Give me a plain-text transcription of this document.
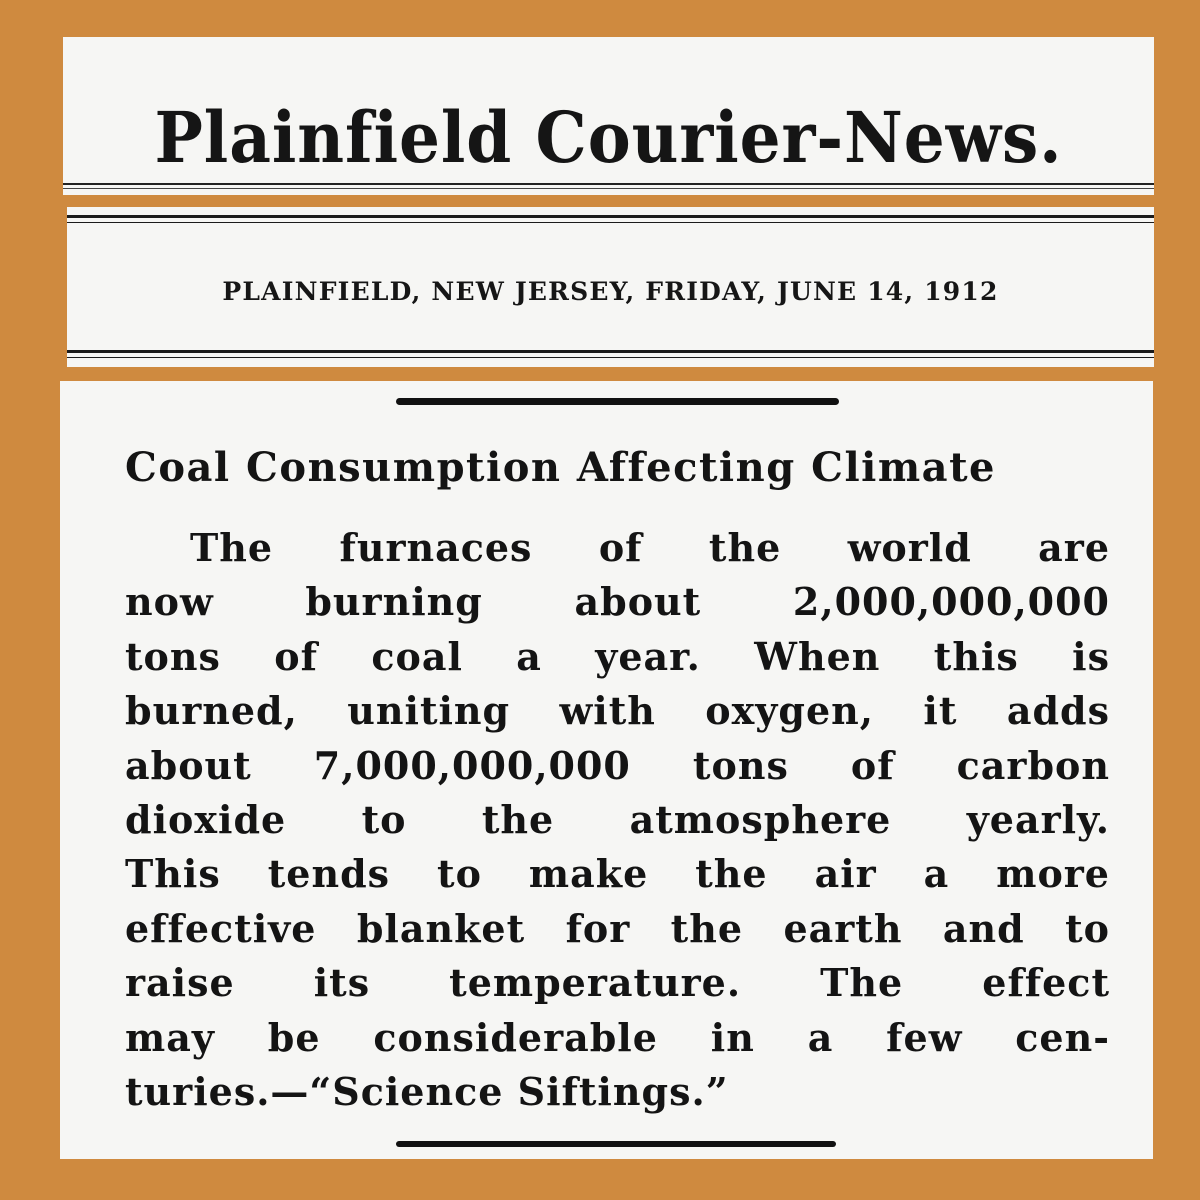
Plainfield Courier-News.
PLAINFIELD, NEW JERSEY, FRIDAY, JUNE 14, 1912
Coal Consumption Affecting Climate
The furnaces of the world are
now burning about 2,000,000,000
tons of coal a year. When this is
burned, uniting with oxygen, it adds
about 7,000,000,000 tons of carbon
dioxide to the atmosphere yearly.
This tends to make the air a more
effective blanket for the earth and to
raise its temperature. The effect
may be considerable in a few cen-
turies.—“Science Siftings.”
